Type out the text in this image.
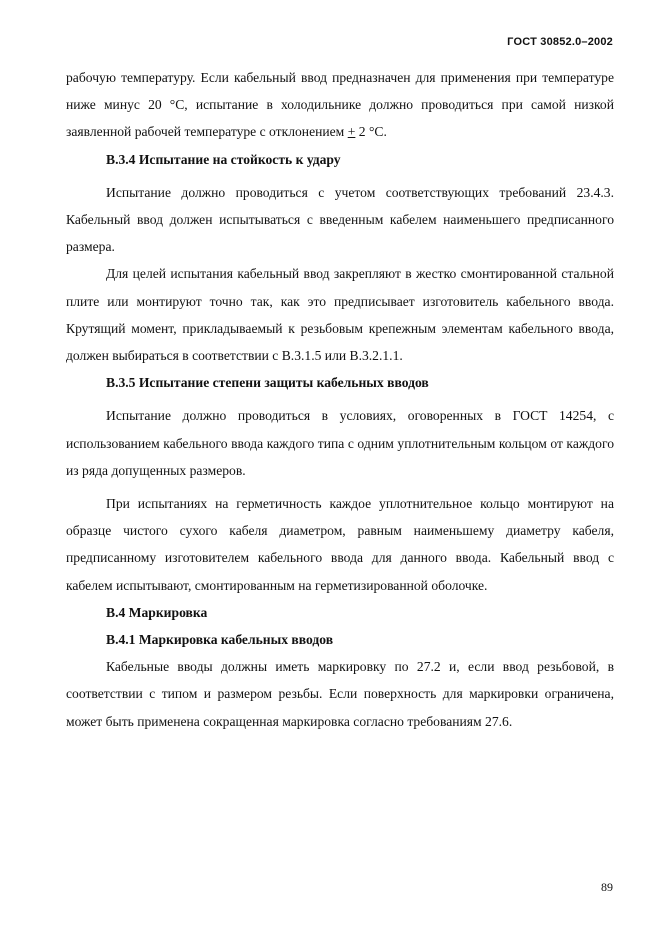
ГОСТ 30852.0–2002

рабочую температуру. Если кабельный ввод предназначен для применения при температуре ниже минус 20 °С, испытание в холодильнике должно проводиться при самой низкой заявленной рабочей температуре с отклонением + 2 °С.

В.3.4 Испытание на стойкость к удару

Испытание должно проводиться с учетом соответствующих требований 23.4.3. Кабельный ввод должен испытываться с введенным кабелем наименьшего предписанного размера.

Для целей испытания кабельный ввод закрепляют в жестко смонтированной стальной плите или монтируют точно так, как это предписывает изготовитель кабельного ввода. Крутящий момент, прикладываемый к резьбовым крепежным элементам кабельного ввода, должен выбираться в соответствии с В.3.1.5 или В.3.2.1.1.

В.3.5 Испытание степени защиты кабельных вводов

Испытание должно проводиться в условиях, оговоренных в ГОСТ 14254, с использованием кабельного ввода каждого типа с одним уплотнительным кольцом от каждого из ряда допущенных размеров.

При испытаниях на герметичность каждое уплотнительное кольцо монтируют на образце чистого сухого кабеля диаметром, равным наименьшему диаметру кабеля, предписанному изготовителем кабельного ввода для данного ввода. Кабельный ввод с кабелем испытывают, смонтированным на герметизированной оболочке.

В.4 Маркировка

В.4.1 Маркировка кабельных вводов

Кабельные вводы должны иметь маркировку по 27.2 и, если ввод резьбовой, в соответствии с типом и размером резьбы. Если поверхность для маркировки ограничена, может быть применена сокращенная маркировка согласно требованиям 27.6.

89
